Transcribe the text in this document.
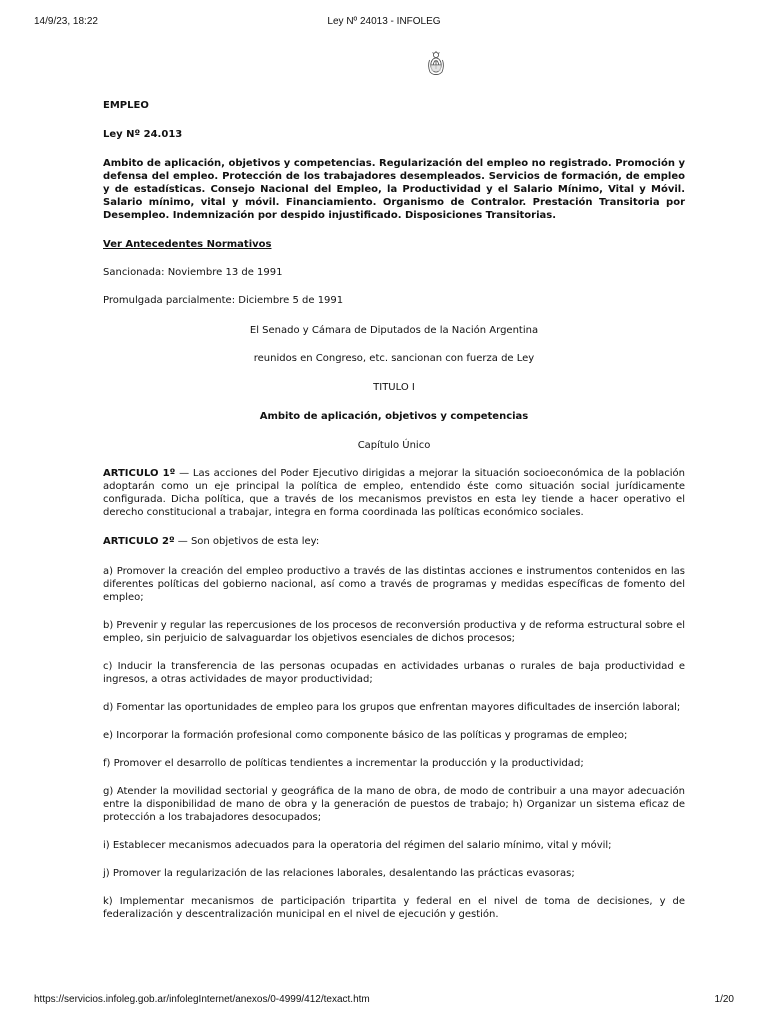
14/9/23, 18:22	Ley Nº 24013 - INFOLEG

EMPLEO

Ley Nº 24.013

Ambito de aplicación, objetivos y competencias. Regularización del empleo no registrado. Promoción y defensa del empleo. Protección de los trabajadores desempleados. Servicios de formación, de empleo y de estadísticas. Consejo Nacional del Empleo, la Productividad y el Salario Mínimo, Vital y Móvil. Salario mínimo, vital y móvil. Financiamiento. Organismo de Contralor. Prestación Transitoria por Desempleo. Indemnización por despido injustificado. Disposiciones Transitorias.

Ver Antecedentes Normativos

Sancionada: Noviembre 13 de 1991

Promulgada parcialmente: Diciembre 5 de 1991

El Senado y Cámara de Diputados de la Nación Argentina

reunidos en Congreso, etc. sancionan con fuerza de Ley

TITULO I

Ambito de aplicación, objetivos y competencias

Capítulo Único

ARTICULO 1º — Las acciones del Poder Ejecutivo dirigidas a mejorar la situación socioeconómica de la población adoptarán como un eje principal la política de empleo, entendido éste como situación social jurídicamente configurada. Dicha política, que a través de los mecanismos previstos en esta ley tiende a hacer operativo el derecho constitucional a trabajar, integra en forma coordinada las políticas económico sociales.

ARTICULO 2º — Son objetivos de esta ley:

a) Promover la creación del empleo productivo a través de las distintas acciones e instrumentos contenidos en las diferentes políticas del gobierno nacional, así como a través de programas y medidas específicas de fomento del empleo;

b) Prevenir y regular las repercusiones de los procesos de reconversión productiva y de reforma estructural sobre el empleo, sin perjuicio de salvaguardar los objetivos esenciales de dichos procesos;

c) Inducir la transferencia de las personas ocupadas en actividades urbanas o rurales de baja productividad e ingresos, a otras actividades de mayor productividad;

d) Fomentar las oportunidades de empleo para los grupos que enfrentan mayores dificultades de inserción laboral;

e) Incorporar la formación profesional como componente básico de las políticas y programas de empleo;

f) Promover el desarrollo de políticas tendientes a incrementar la producción y la productividad;

g) Atender la movilidad sectorial y geográfica de la mano de obra, de modo de contribuir a una mayor adecuación entre la disponibilidad de mano de obra y la generación de puestos de trabajo; h) Organizar un sistema eficaz de protección a los trabajadores desocupados;

i) Establecer mecanismos adecuados para la operatoria del régimen del salario mínimo, vital y móvil;

j) Promover la regularización de las relaciones laborales, desalentando las prácticas evasoras;

k) Implementar mecanismos de participación tripartita y federal en el nivel de toma de decisiones, y de federalización y descentralización municipal en el nivel de ejecución y gestión.

https://servicios.infoleg.gob.ar/infolegInternet/anexos/0-4999/412/texact.htm	1/20
